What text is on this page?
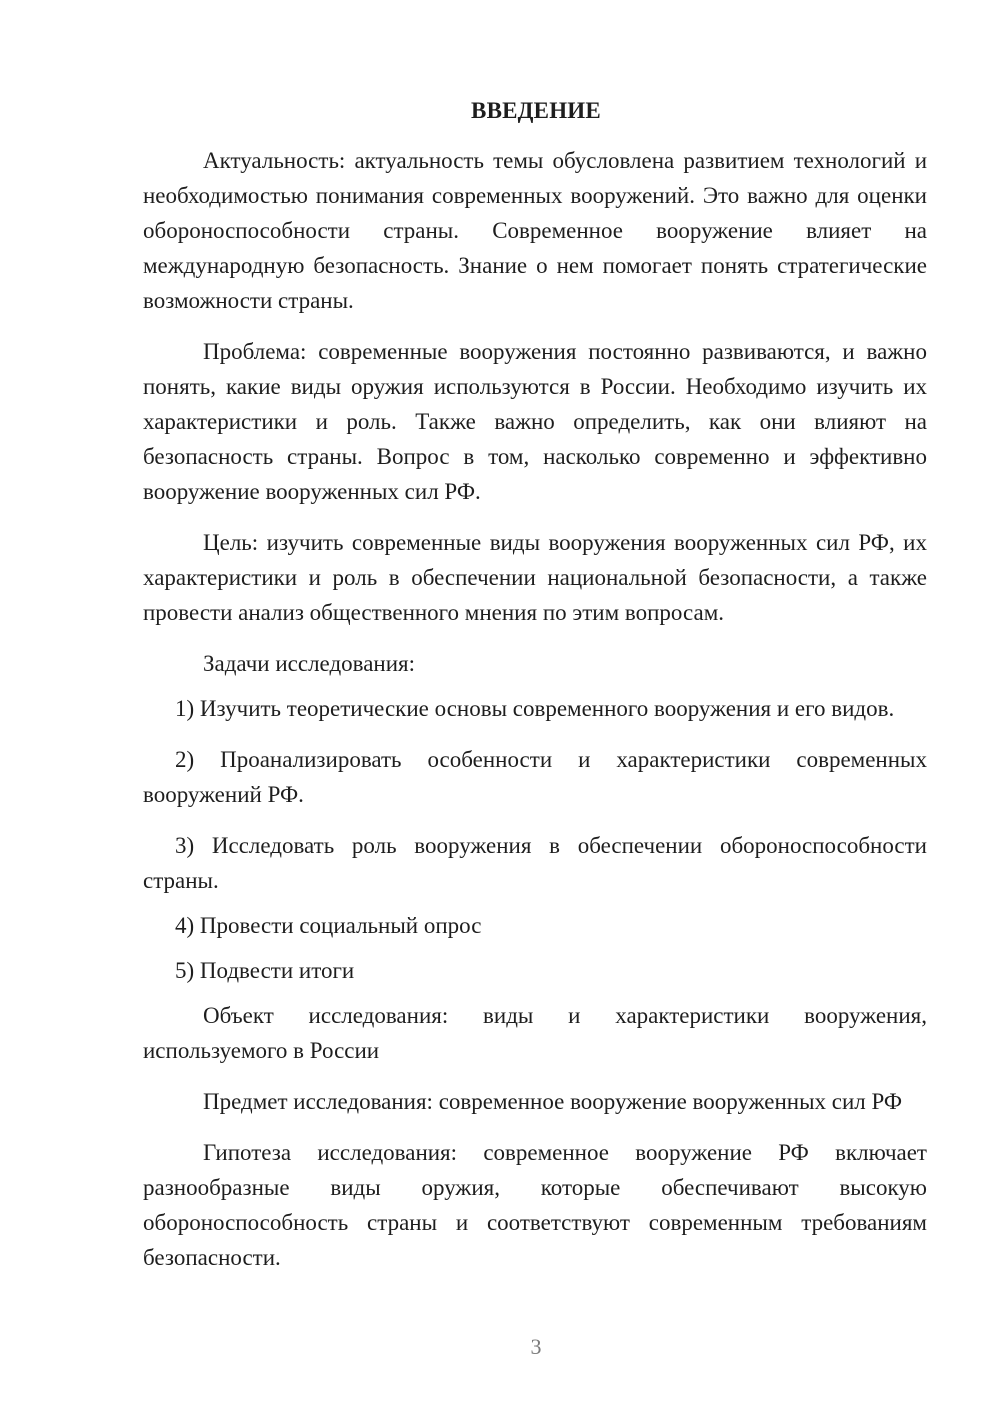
ВВЕДЕНИЕ

Актуальность: актуальность темы обусловлена развитием технологий и необходимостью понимания современных вооружений. Это важно для оценки обороноспособности страны. Современное вооружение влияет на международную безопасность. Знание о нем помогает понять стратегические возможности страны.

Проблема: современные вооружения постоянно развиваются, и важно понять, какие виды оружия используются в России. Необходимо изучить их характеристики и роль. Также важно определить, как они влияют на безопасность страны. Вопрос в том, насколько современно и эффективно вооружение вооруженных сил РФ.

Цель: изучить современные виды вооружения вооруженных сил РФ, их характеристики и роль в обеспечении национальной безопасности, а также провести анализ общественного мнения по этим вопросам.

Задачи исследования:

1) Изучить теоретические основы современного вооружения и его видов.

2) Проанализировать особенности и характеристики современных вооружений РФ.

3) Исследовать роль вооружения в обеспечении обороноспособности страны.

4) Провести социальный опрос

5) Подвести итоги

Объект исследования: виды и характеристики вооружения, используемого в России

Предмет исследования: современное вооружение вооруженных сил РФ

Гипотеза исследования: современное вооружение РФ включает разнообразные виды оружия, которые обеспечивают высокую обороноспособность страны и соответствуют современным требованиям безопасности.

3
